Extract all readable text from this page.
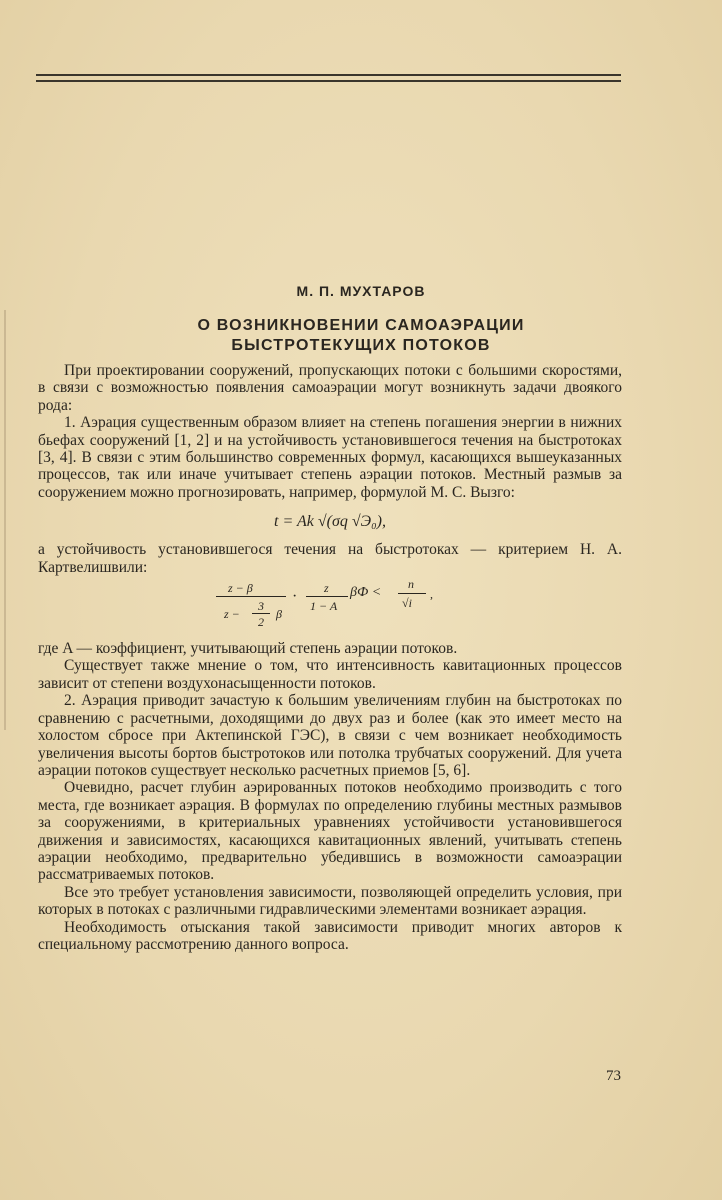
М. П. МУХТАРОВ
О ВОЗНИКНОВЕНИИ САМОАЭРАЦИИ
БЫСТРОТЕКУЩИХ ПОТОКОВ

При проектировании сооружений, пропускающих потоки с большими скоростями, в связи с возможностью появления самоаэрации могут возникнуть задачи двоякого рода:

1. Аэрация существенным образом влияет на степень погашения энергии в нижних бьефах сооружений [1, 2] и на устойчивость установившегося течения на быстротоках [3, 4]. В связи с этим большинство современных формул, касающихся вышеуказанных процессов, так или иначе учитывает степень аэрации потоков. Местный размыв за сооружением можно прогнозировать, например, формулой М. С. Вызго:

t = Ak √(σq √Э₀),

а устойчивость установившегося течения на быстротоках — критерием Н. А. Картвелишвили:

z − β
3
z −
2
β
· z
1 − A
βФ <
n
√i
,

где A — коэффициент, учитывающий степень аэрации потоков.

Существует также мнение о том, что интенсивность кавитационных процессов зависит от степени воздухонасыщенности потоков.

2. Аэрация приводит зачастую к большим увеличениям глубин на быстротоках по сравнению с расчетными, доходящими до двух раз и более (как это имеет место на холостом сбросе при Актепинской ГЭС), в связи с чем возникает необходимость увеличения высоты бортов быстротоков или потолка трубчатых сооружений. Для учета аэрации потоков существует несколько расчетных приемов [5, 6].

Очевидно, расчет глубин аэрированных потоков необходимо производить с того места, где возникает аэрация. В формулах по определению глубины местных размывов за сооружениями, в критериальных уравнениях устойчивости установившегося движения и зависимостях, касающихся кавитационных явлений, учитывать степень аэрации необходимо, предварительно убедившись в возможности самоаэрации рассматриваемых потоков.

Все это требует установления зависимости, позволяющей определить условия, при которых в потоках с различными гидравлическими элементами возникает аэрация.

Необходимость отыскания такой зависимости приводит многих авторов к специальному рассмотрению данного вопроса.

73
